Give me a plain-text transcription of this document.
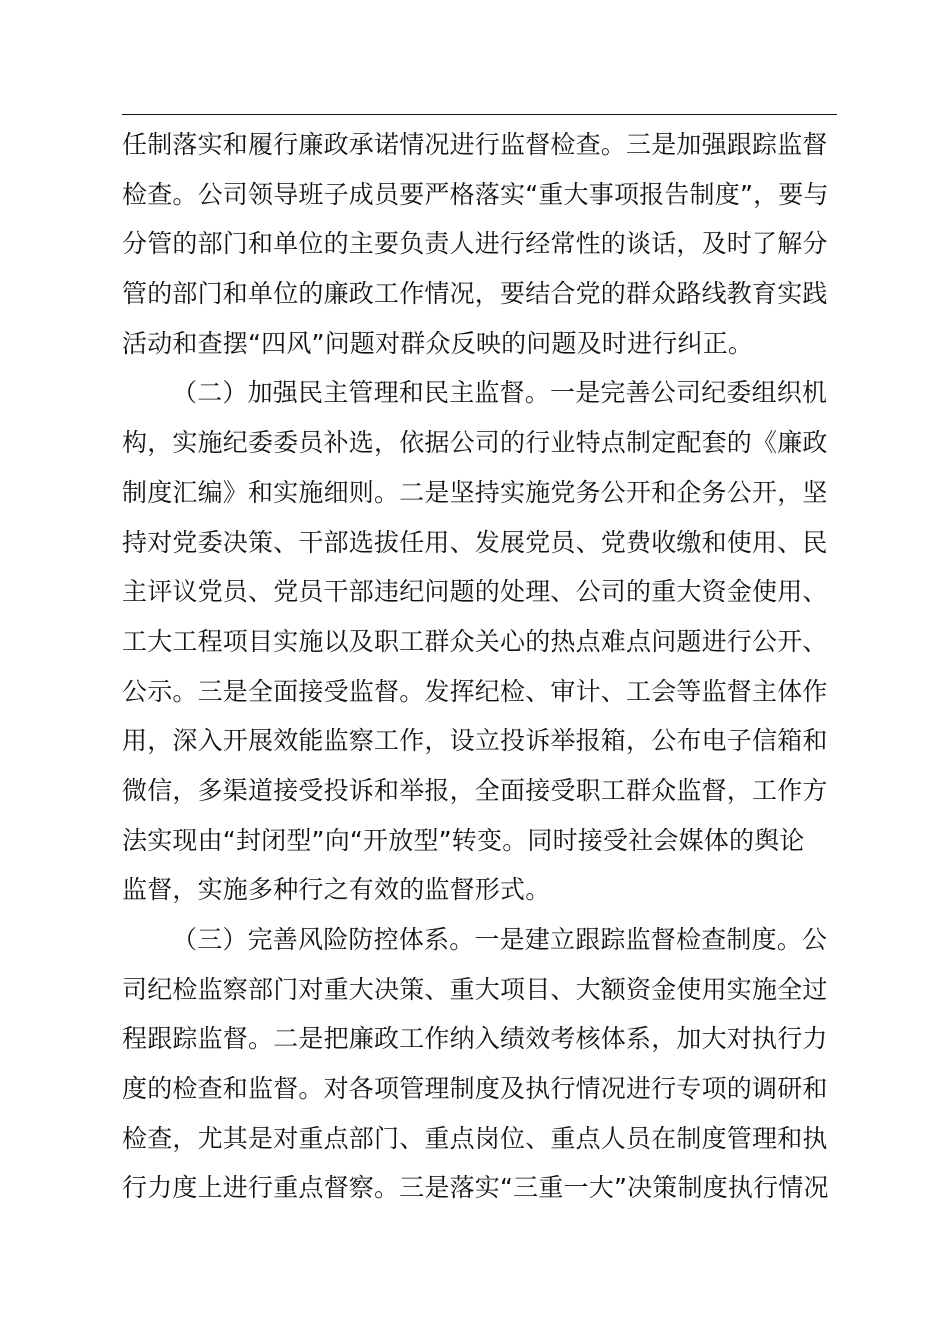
任制落实和履行廉政承诺情况进行监督检查。三是加强跟踪监督
检查。公司领导班子成员要严格落实“重大事项报告制度”，要与
分管的部门和单位的主要负责人进行经常性的谈话，及时了解分
管的部门和单位的廉政工作情况，要结合党的群众路线教育实践
活动和查摆“四风”问题对群众反映的问题及时进行纠正。
（二）加强民主管理和民主监督。一是完善公司纪委组织机
构，实施纪委委员补选，依据公司的行业特点制定配套的《廉政
制度汇编》和实施细则。二是坚持实施党务公开和企务公开，坚
持对党委决策、干部选拔任用、发展党员、党费收缴和使用、民
主评议党员、党员干部违纪问题的处理、公司的重大资金使用、
工大工程项目实施以及职工群众关心的热点难点问题进行公开、
公示。三是全面接受监督。发挥纪检、审计、工会等监督主体作
用，深入开展效能监察工作，设立投诉举报箱，公布电子信箱和
微信，多渠道接受投诉和举报，全面接受职工群众监督，工作方
法实现由“封闭型”向“开放型”转变。同时接受社会媒体的舆论
监督，实施多种行之有效的监督形式。
（三）完善风险防控体系。一是建立跟踪监督检查制度。公
司纪检监察部门对重大决策、重大项目、大额资金使用实施全过
程跟踪监督。二是把廉政工作纳入绩效考核体系，加大对执行力
度的检查和监督。对各项管理制度及执行情况进行专项的调研和
检查，尤其是对重点部门、重点岗位、重点人员在制度管理和执
行力度上进行重点督察。三是落实“三重一大”决策制度执行情况
